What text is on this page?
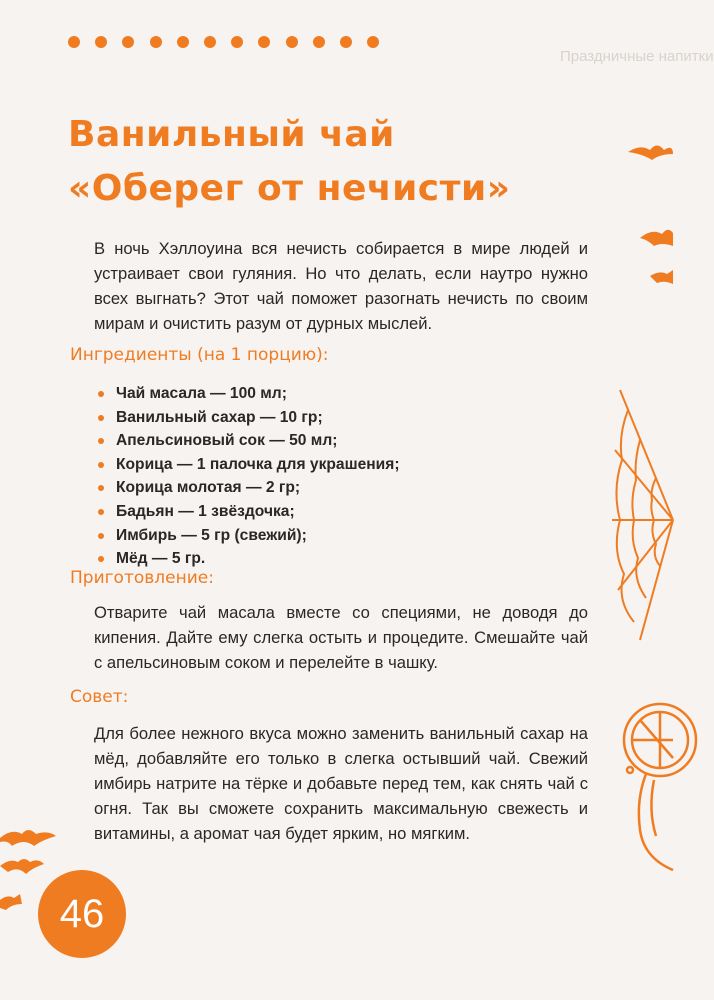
Праздничные напитки
Ванильный чай
«Оберег от нечисти»

В ночь Хэллоуина вся нечисть собирается в мире людей и устраивает свои гуляния. Но что делать, если наутро нужно всех выгнать? Этот чай поможет разогнать нечисть по своим мирам и очистить разум от дурных мыслей.

Ингредиенты (на 1 порцию):
Чай масала — 100 мл;
Ванильный сахар — 10 гр;
Апельсиновый сок — 50 мл;
Корица — 1 палочка для украшения;
Корица молотая — 2 гр;
Бадьян — 1 звёздочка;
Имбирь — 5 гр (свежий);
Мёд — 5 гр.
Приготовление:

Отварите чай масала вместе со специями, не доводя до кипения. Дайте ему слегка остыть и процедите. Смешайте чай с апельсиновым соком и перелейте в чашку.

Совет:

Для более нежного вкуса можно заменить ванильный сахар на мёд, добавляйте его только в слегка остывший чай. Свежий имбирь натрите на тёрке и добавьте перед тем, как снять чай с огня. Так вы сможете сохранить максимальную свежесть и витамины, а аромат чая будет ярким, но мягким.

46
